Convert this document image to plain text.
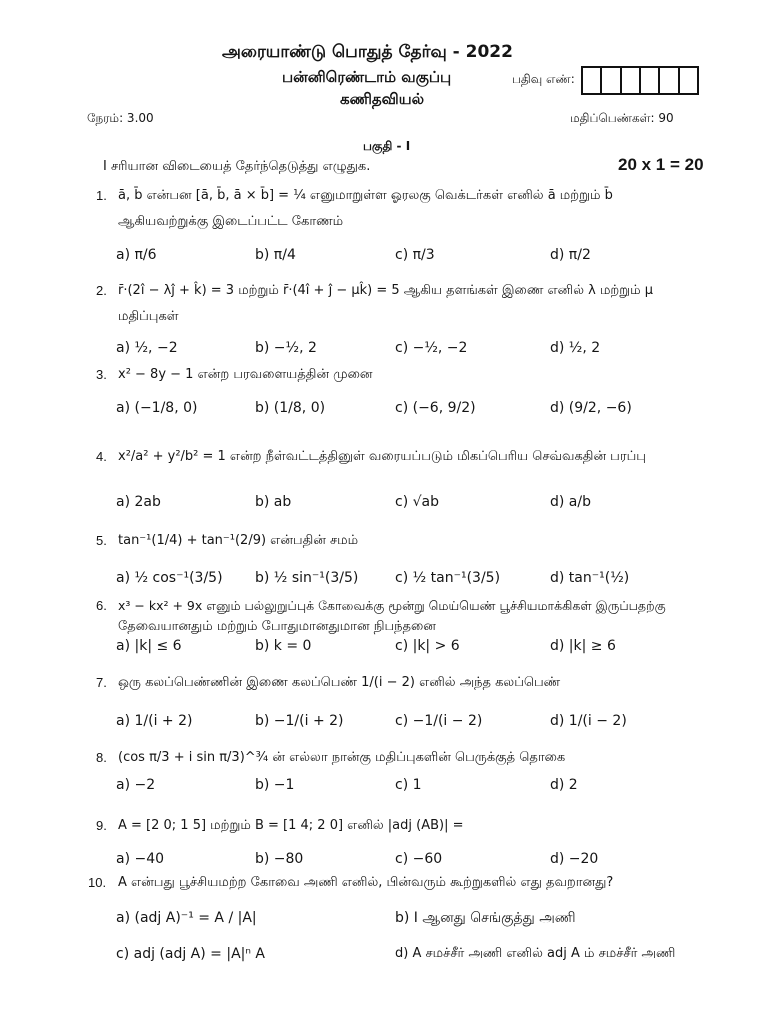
அரையாண்டு பொதுத் தேர்வு - 2022
பன்னிரெண்டாம் வகுப்பு	பதிவு எண்:
கணிதவியல்
நேரம்: 3.00	மதிப்பெண்கள்: 90
பகுதி - I
I சரியான விடையைத் தேர்ந்தெடுத்து எழுதுக.	20 x 1 = 20
1. ā, b̄ என்பன [ā, b̄, ā × b̄] = ¼ எனுமாறுள்ள ஓரலகு வெக்டர்கள் எனில் ā மற்றும் b̄
ஆகியவற்றுக்கு இடைப்பட்ட கோணம்
a) π/6	b) π/4	c) π/3	d) π/2
2. r̄·(2î − λĵ + k̂) = 3 மற்றும் r̄·(4î + ĵ − μk̂) = 5 ஆகிய தளங்கள் இணை எனில் λ மற்றும் μ
மதிப்புகள்
a) ½, −2	b) −½, 2	c) −½, −2	d) ½, 2
3. x² − 8y − 1 என்ற பரவளையத்தின் முனை
a) (−1/8, 0)	b) (1/8, 0)	c) (−6, 9/2)	d) (9/2, −6)
4. x²/a² + y²/b² = 1 என்ற நீள்வட்டத்தினுள் வரையப்படும் மிகப்பெரிய செவ்வகதின் பரப்பு
a) 2ab	b) ab	c) √ab	d) a/b
5. tan⁻¹(1/4) + tan⁻¹(2/9) என்பதின் சமம்
a) ½ cos⁻¹(3/5) b) ½ sin⁻¹(3/5)	c) ½ tan⁻¹(3/5)	d) tan⁻¹(½)
6. x³ − kx² + 9x எனும் பல்லுறுப்புக் கோவைக்கு மூன்று மெய்யெண் பூச்சியமாக்கிகள் இருப்பதற்கு
தேவையானதும் மற்றும் போதுமானதுமான நிபந்தனை
a) |k| ≤ 6	b) k = 0	c) |k| > 6	d) |k| ≥ 6
7. ஒரு கலப்பெண்ணின் இணை கலப்பெண் 1/(i − 2) எனில் அந்த கலப்பெண்
a) 1/(i + 2)	b) −1/(i + 2)	c) −1/(i − 2)	d) 1/(i − 2)
8. (cos π/3 + i sin π/3)^¾ ன் எல்லா நான்கு மதிப்புகளின் பெருக்குத் தொகை
a) −2	b) −1	c) 1	d) 2
9. A = [2 0; 1 5] மற்றும் B = [1 4; 2 0] எனில் |adj (AB)| =
a) −40	b) −80	c) −60	d) −20
10. A என்பது பூச்சியமற்ற கோவை அணி எனில், பின்வரும் கூற்றுகளில் எது தவறானது?
a) (adj A)⁻¹ = A / |A|	b) I ஆனது செங்குத்து அணி
c) adj (adj A) = |A|ⁿ A	d) A சமச்சீர் அணி எனில் adj A ம் சமச்சீர் அணி
